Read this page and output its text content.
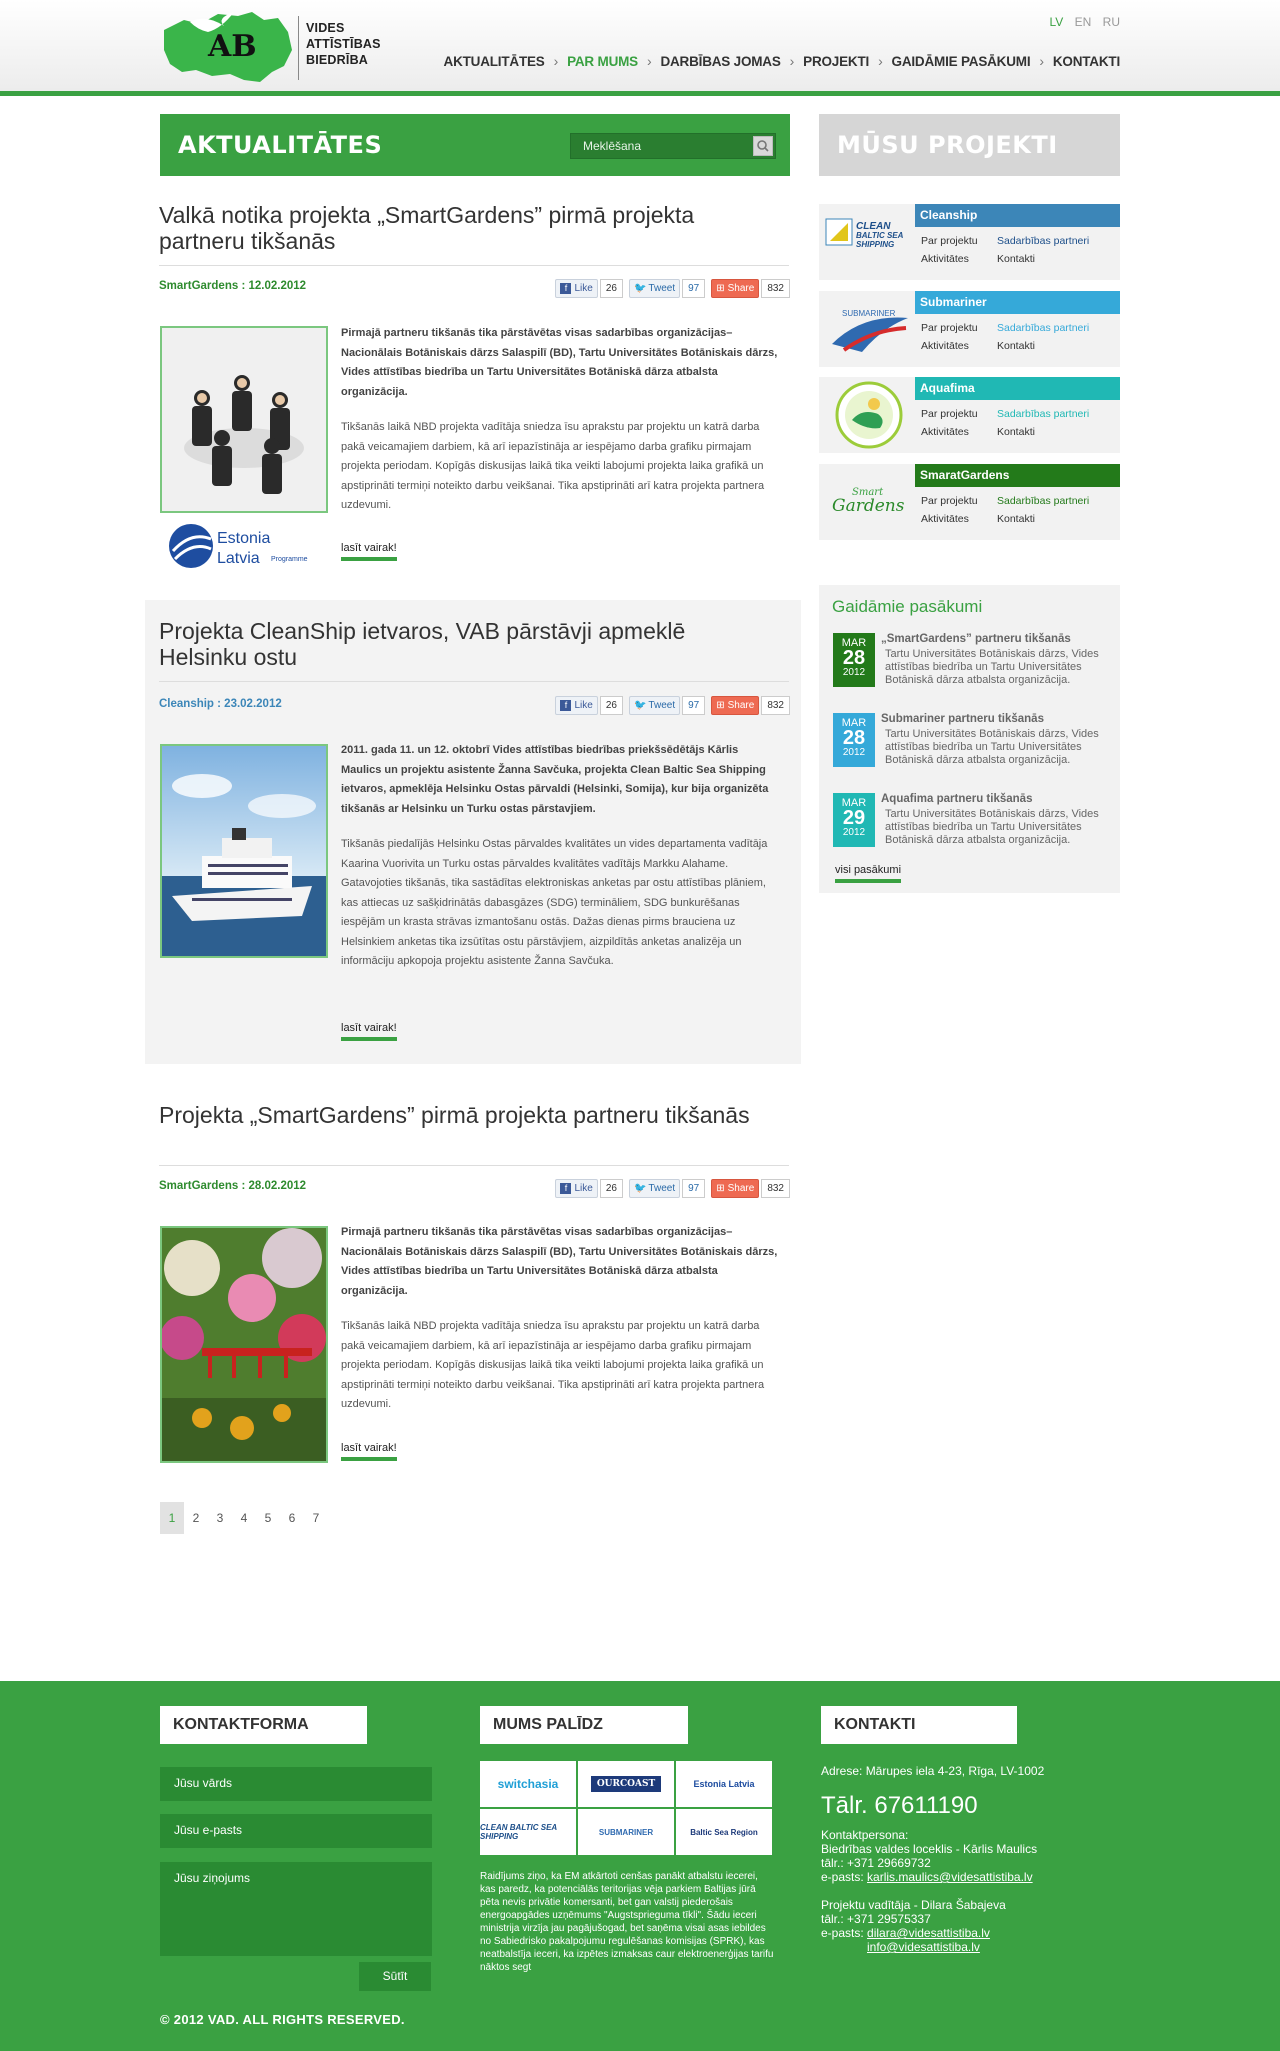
AB
VIDES
ATTĪSTĪBAS
BIEDRĪBA
LV EN RU
AKTUALITĀTES › PAR MUMS › DARBĪBAS JOMAS › PROJEKTI › GAIDĀMIE PASĀKUMI › KONTAKTI
AKTUALITĀTES
Meklēšana
Valkā notika projekta „SmartGardens” pirmā projekta partneru tikšanās
SmartGardens : 12.02.2012	f Like	26	🐦 Tweet	97	⊞ Share	832
Estonia
Latvia Programme

Pirmajā partneru tikšanās tika pārstāvētas visas sadarbības organizācijas– Nacionālais Botāniskais dārzs Salaspilī (BD), Tartu Universitātes Botāniskais dārzs, Vides attīstības biedrība un Tartu Universitātes Botāniskā dārza atbalsta organizācija.

Tikšanās laikā NBD projekta vadītāja sniedza īsu aprakstu par projektu un katrā darba pakā veicamajiem darbiem, kā arī iepazīstināja ar iespējamo darba grafiku pirmajam projekta periodam. Kopīgās diskusijas laikā tika veikti labojumi projekta laika grafikā un apstiprināti termiņi noteikto darbu veikšanai. Tika apstiprināti arī katra projekta partnera uzdevumi.

lasīt vairak!
Projekta CleanShip ietvaros, VAB pārstāvji apmeklē Helsinku ostu
Cleanship : 23.02.2012	f Like	26	🐦 Tweet	97	⊞ Share	832

2011. gada 11. un 12. oktobrī Vides attīstības biedrības priekšsēdētājs Kārlis Maulics un projektu asistente Žanna Savčuka, projekta Clean Baltic Sea Shipping ietvaros, apmeklēja Helsinku Ostas pārvaldi (Helsinki, Somija), kur bija organizēta tikšanās ar Helsinku un Turku ostas pārstavjiem.

Tikšanās piedalījās Helsinku Ostas pārvaldes kvalitātes un vides departamenta vadītāja Kaarina Vuorivita un Turku ostas pārvaldes kvalitātes vadītājs Markku Alahame.

Gatavojoties tikšanās, tika sastādītas elektroniskas anketas par ostu attīstības plāniem, kas attiecas uz sašķidrinātās dabasgāzes (SDG) termināliem, SDG bunkurēšanas iespējām un krasta strāvas izmantošanu ostās. Dažas dienas pirms brauciena uz Helsinkiem anketas tika izsūtītas ostu pārstāvjiem, aizpildītās anketas analizēja un informāciju apkopoja projektu asistente Žanna Savčuka.

lasīt vairak!
Projekta „SmartGardens” pirmā projekta partneru tikšanās
SmartGardens : 28.02.2012	f Like	26	🐦 Tweet	97	⊞ Share	832

Pirmajā partneru tikšanās tika pārstāvētas visas sadarbības organizācijas– Nacionālais Botāniskais dārzs Salaspilī (BD), Tartu Universitātes Botāniskais dārzs, Vides attīstības biedrība un Tartu Universitātes Botāniskā dārza atbalsta organizācija.

Tikšanās laikā NBD projekta vadītāja sniedza īsu aprakstu par projektu un katrā darba pakā veicamajiem darbiem, kā arī iepazīstināja ar iespējamo darba grafiku pirmajam projekta periodam. Kopīgās diskusijas laikā tika veikti labojumi projekta laika grafikā un apstiprināti termiņi noteikto darbu veikšanai. Tika apstiprināti arī katra projekta partnera uzdevumi.

lasīt vairak!
1	2	3	4	5	6	7
MŪSU PROJEKTI
CLEAN
BALTIC SEA
SHIPPING
Cleanship
Par projektu Sadarbības partneri
Aktivitātes	Kontakti
SUBMARINER
Submariner
Par projektu Sadarbības partneri
Aktivitātes	Kontakti
Aquafima
Par projektu Sadarbības partneri
Aktivitātes	Kontakti
Smart
Gardens
SmaratGardens
Par projektu Sadarbības partneri
Aktivitātes	Kontakti
Gaidāmie pasākumi
MAR
28
2012
„SmartGardens” partneru tikšanās
Tartu Universitātes Botāniskais dārzs, Vides attīstības biedrība un Tartu Universitātes Botāniskā dārza atbalsta organizācija.
MAR
28
2012
Submariner partneru tikšanās
Tartu Universitātes Botāniskais dārzs, Vides attīstības biedrība un Tartu Universitātes Botāniskā dārza atbalsta organizācija.
MAR
29
2012
Aquafima partneru tikšanās
Tartu Universitātes Botāniskais dārzs, Vides attīstības biedrība un Tartu Universitātes Botāniskā dārza atbalsta organizācija.
visi pasākumi
KONTAKTFORMA
Jūsu vārds
Jūsu e-pasts
Jūsu ziņojums
Sūtīt
MUMS PALĪDZ
switchasia	OURCOAST	Estonia Latvia
CLEAN BALTIC SEA SHIPPING	SUBMARINER	Baltic Sea Region
Raidījums ziņo, ka EM atkārtoti cenšas panākt atbalstu iecerei, kas paredz, ka potenciālās teritorijas vēja parkiem Baltijas jūrā pēta nevis privātie komersanti, bet gan valstij piederošais energoapgādes uzņēmums "Augstsprieguma tīkli". Šādu ieceri ministrija virzīja jau pagājušogad, bet saņēma visai asas iebildes no Sabiedrisko pakalpojumu regulēšanas komisijas (SPRK), kas neatbalstīja ieceri, ka izpētes izmaksas caur elektroenerģijas tarifu nāktos segt
KONTAKTI
Adrese: Mārupes iela 4-23, Rīga, LV-1002
Tālr. 67611190
Kontaktpersona:
Biedrības valdes loceklis - Kārlis Maulics
tālr.: +371 29669732
e-pasts: karlis.maulics@videsattistiba.lv
Projektu vadītāja - Dilara Šabajeva
tālr.: +371 29575337
e-pasts: dilara@videsattistiba.lv
info@videsattistiba.lv
© 2012 VAD. ALL RIGHTS RESERVED.
